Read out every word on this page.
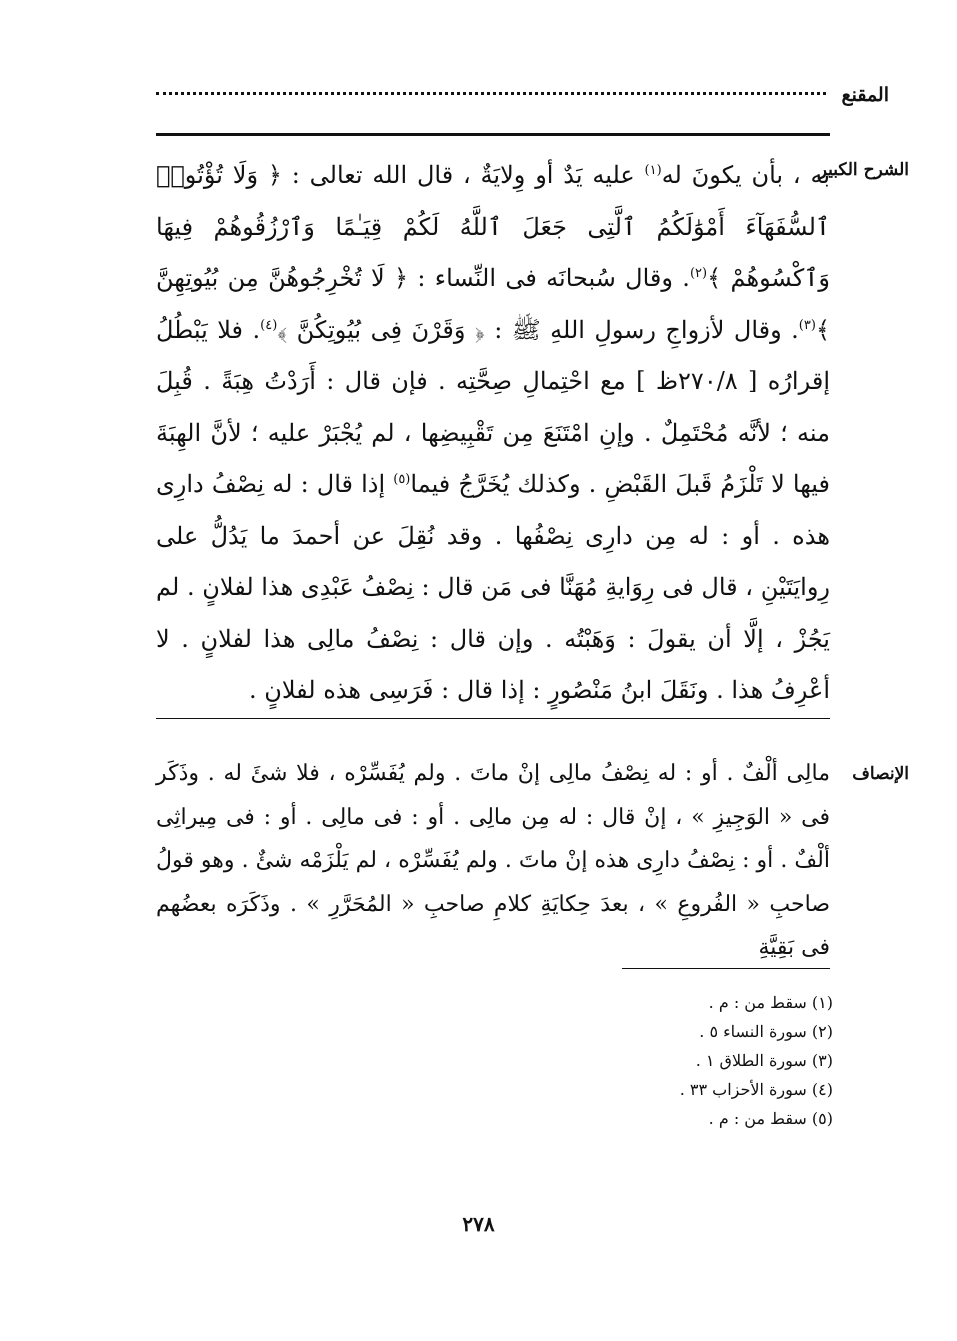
المقنع
الشرح الكبير
به ، بأن يكونَ له$^{(١)}$ عليه يَدٌ أو وِلايَةٌ ، قال الله تعالى : ﴿ وَلَا تُؤْتُوا۟ ٱلسُّفَهَآءَ أَمْوَٰلَكُمُ ٱلَّتِى جَعَلَ ٱللَّهُ لَكُمْ قِيَـٰمًا وَٱرْزُقُوهُمْ فِيهَا وَٱكْسُوهُمْ ﴾$^{(٢)}$. وقال سُبحانَه فى النِّساء : ﴿ لَا تُخْرِجُوهُنَّ مِن بُيُوتِهِنَّ ﴾$^{(٣)}$. وقال لأزواجِ رسولِ اللهِ ﷺ : ﴿ وَقَرْنَ فِى بُيُوتِكُنَّ ﴾$^{(٤)}$. فلا يَبْطُلُ إقرارُه [ ٢٧٠/٨ظ ] مع احْتِمالِ صِحَّتِه . فإن قال : أَرَدْتُ هِبَةً . قُبِلَ منه ؛ لأنَّه مُحْتَمِلٌ . وإنِ امْتَنَعَ مِن تَقْبِيضِها ، لم يُجْبَرْ عليه ؛ لأنَّ الهِبَةَ فيها لا تَلْزَمُ قَبلَ القَبْضِ . وكذلك يُخَرَّجُ فيما$^{(٥)}$ إذا قال : له نِصْفُ دارِى هذه . أو : له مِن دارِى نِصْفُها . وقد نُقِلَ عن أحمدَ ما يَدُلُّ على رِوايَتَيْنِ ، قال فى رِوَايةِ مُهَنَّا فى مَن قال : نِصْفُ عَبْدِى هذا لفلانٍ . لم يَجُزْ ، إلَّا أن يقولَ : وَهَبْتُه . وإن قال : نِصْفُ مالِى هذا لفلانٍ . لا أعْرِفُ هذا . ونَقَلَ ابنُ مَنْصُورٍ : إذا قال : فَرَسِى هذه لفلانٍ .
الإنصاف
مالِى ألْفٌ . أو : له نِصْفُ مالِى إنْ ماتَ . ولم يُفَسِّرْه ، فلا شئَ له . وذَكَر فى « الوَجِيزِ » ، إنْ قال : له مِن مالِى . أو : فى مالِى . أو : فى مِيراثِى ألْفٌ . أو : نِصْفُ دارِى هذه إنْ ماتَ . ولم يُفَسِّرْه ، لم يَلْزَمْه شئٌ . وهو قولُ صاحبِ « الفُروعِ » ، بعدَ حِكايَةِ كلامِ صاحبِ « المُحَرَّرِ » . وذَكَرَه بعضُهم فى بَقِيَّةِ
(١) سقط من : م .
(٢) سورة النساء ٥ .
(٣) سورة الطلاق ١ .
(٤) سورة الأحزاب ٣٣ .
(٥) سقط من : م .
٢٧٨
